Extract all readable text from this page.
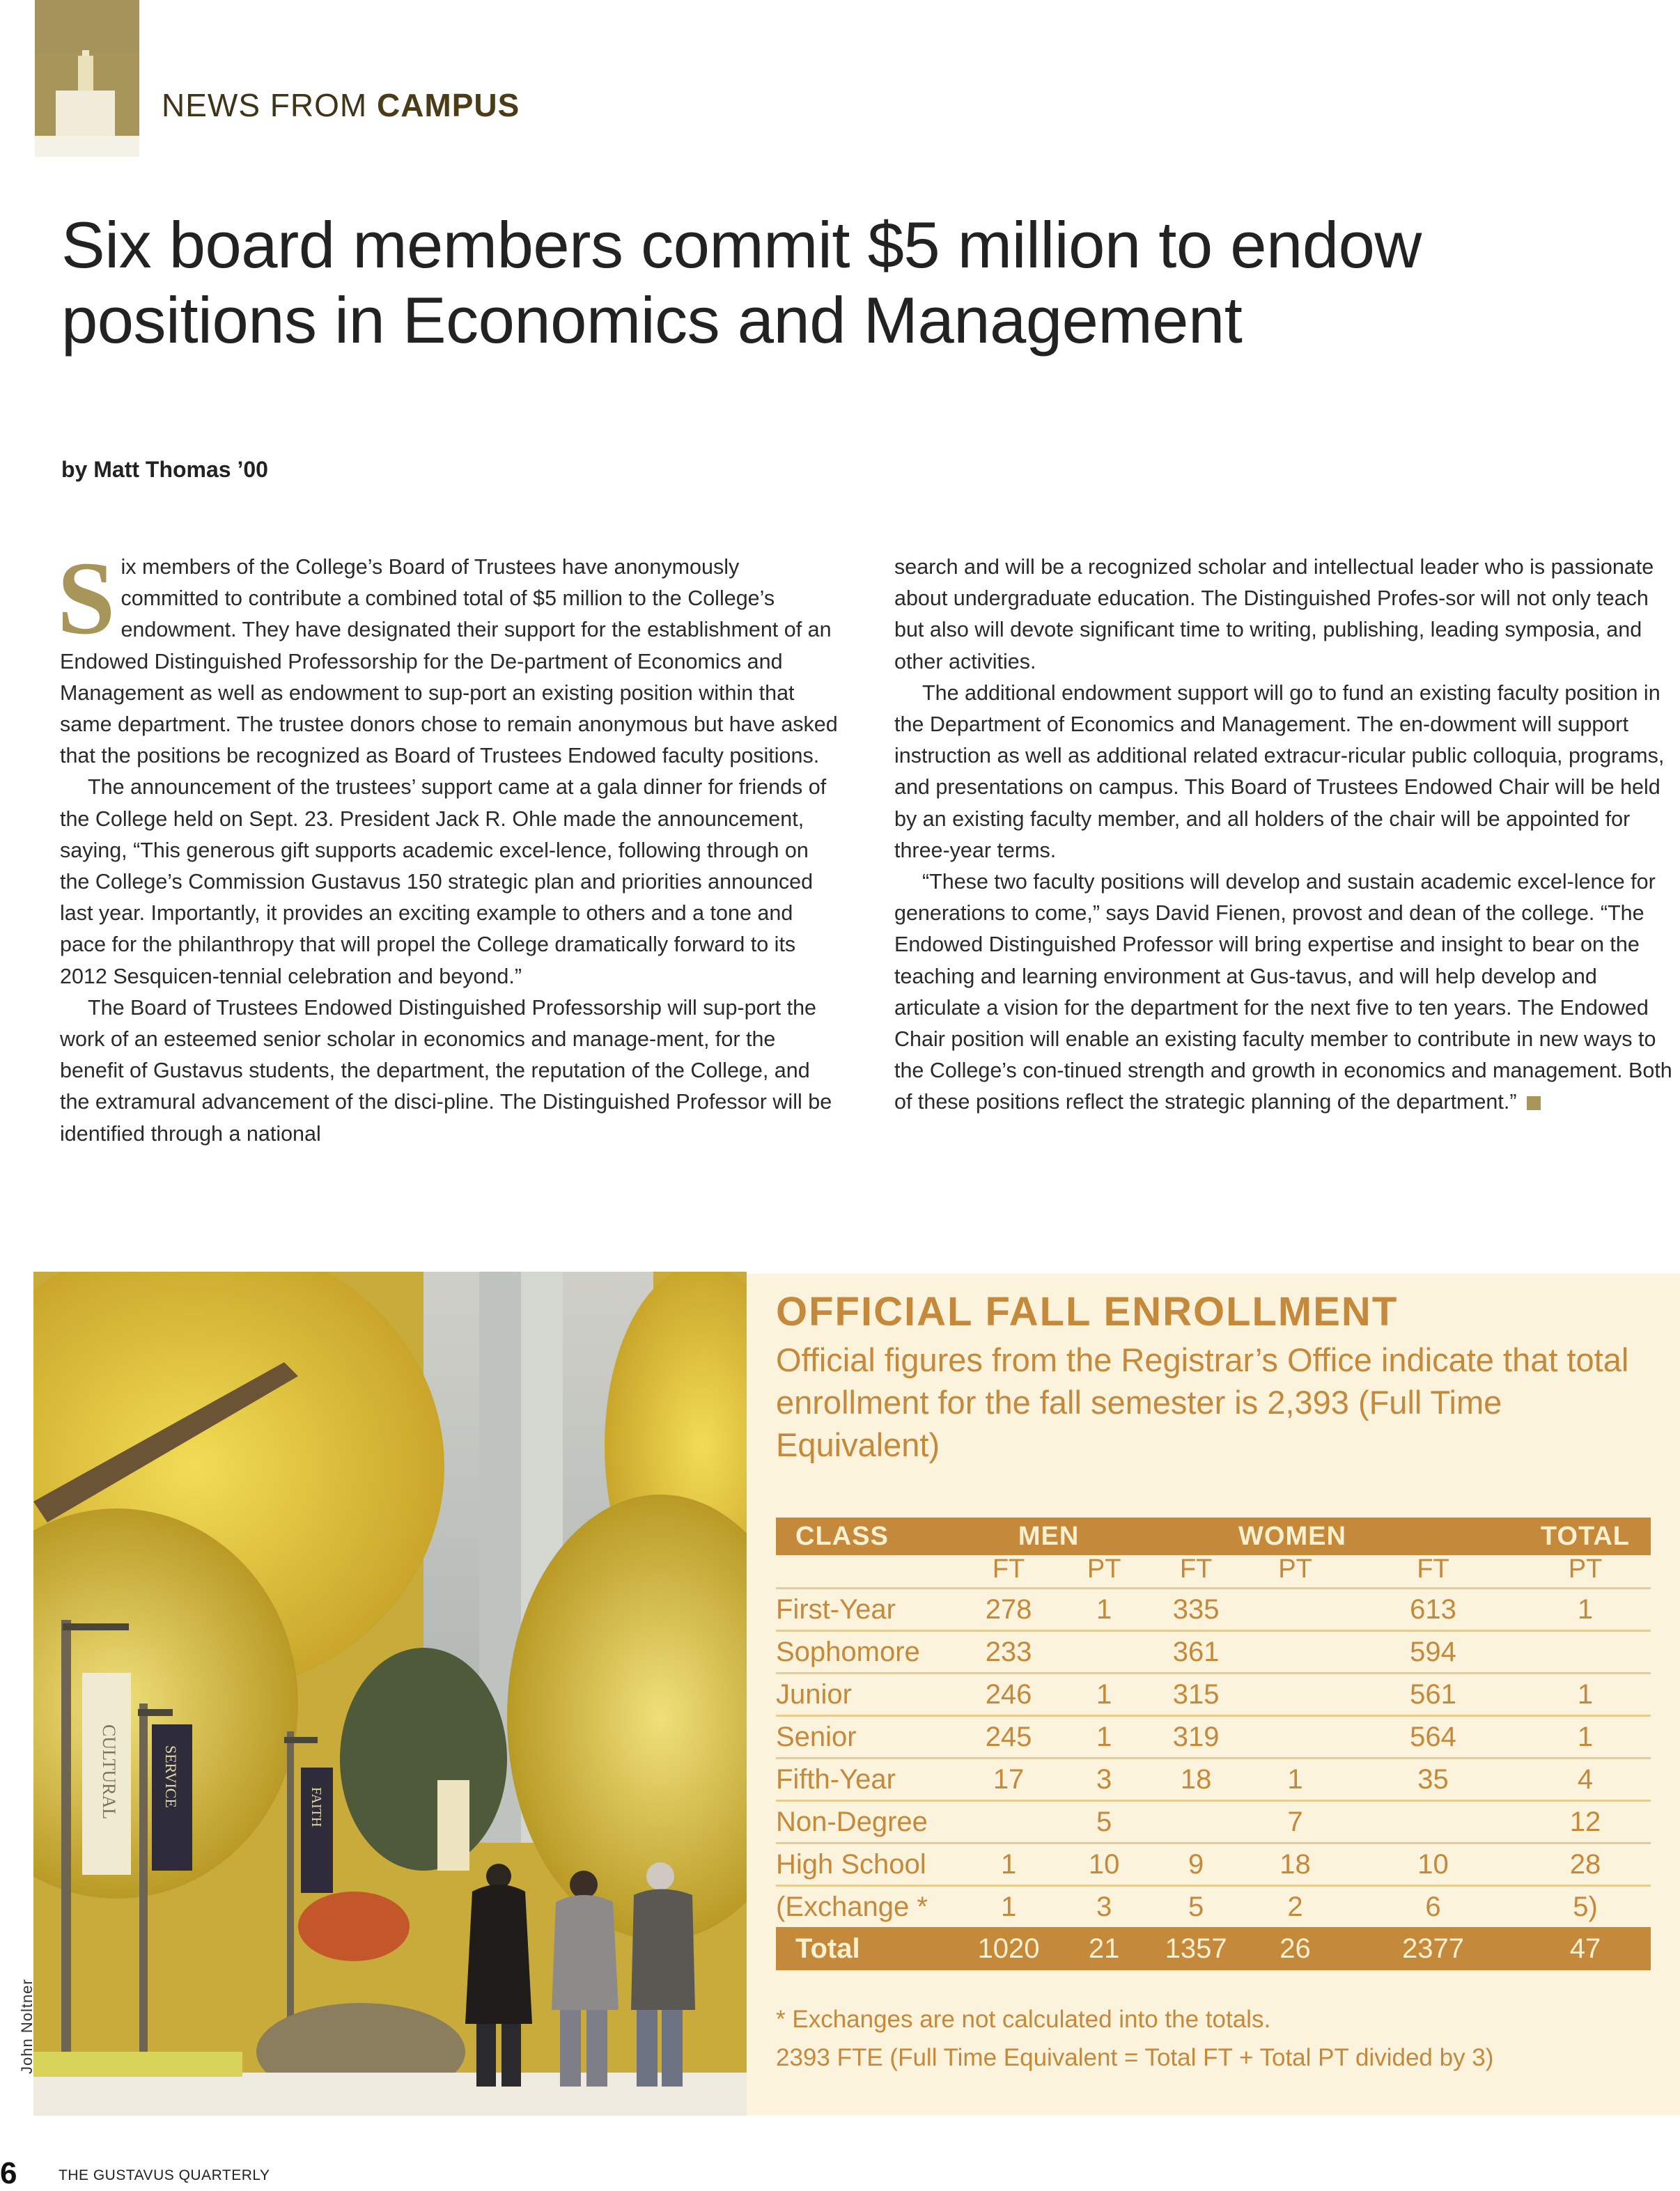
NEWS FROM CAMPUS
Six board members commit $5 million to endow
positions in Economics and Management
by Matt Thomas ’00

Six members of the College’s Board of Trustees have anonymously committed to contribute a combined total of $5 million to the College’s endowment. They have designated their support for the establishment of an Endowed Distinguished Professorship for the De-partment of Economics and Management as well as endowment to sup-port an existing position within that same department. The trustee donors chose to remain anonymous but have asked that the positions be recognized as Board of Trustees Endowed faculty positions.

The announcement of the trustees’ support came at a gala dinner for friends of the College held on Sept. 23. President Jack R. Ohle made the announcement, saying, “This generous gift supports academic excel-lence, following through on the College’s Commission Gustavus 150 strategic plan and priorities announced last year. Importantly, it provides an exciting example to others and a tone and pace for the philanthropy that will propel the College dramatically forward to its 2012 Sesquicen-tennial celebration and beyond.”

The Board of Trustees Endowed Distinguished Professorship will sup-port the work of an esteemed senior scholar in economics and manage-ment, for the benefit of Gustavus students, the department, the reputation of the College, and the extramural advancement of the disci-pline. The Distinguished Professor will be identified through a national

search and will be a recognized scholar and intellectual leader who is passionate about undergraduate education. The Distinguished Profes-sor will not only teach but also will devote significant time to writing, publishing, leading symposia, and other activities.

The additional endowment support will go to fund an existing faculty position in the Department of Economics and Management. The en-dowment will support instruction as well as additional related extracur-ricular public colloquia, programs, and presentations on campus. This Board of Trustees Endowed Chair will be held by an existing faculty member, and all holders of the chair will be appointed for three-year terms.

“These two faculty positions will develop and sustain academic excel-lence for generations to come,” says David Fienen, provost and dean of the college. “The Endowed Distinguished Professor will bring expertise and insight to bear on the teaching and learning environment at Gus-tavus, and will help develop and articulate a vision for the department for the next five to ten years. The Endowed Chair position will enable an existing faculty member to contribute in new ways to the College’s con-tinued strength and growth in economics and management. Both of these positions reflect the strategic planning of the department.”

CULTURAL	SERVICE	FAITH
John Noltner
OFFICIAL FALL ENROLLMENT
Official figures from the Registrar’s Office indicate that total enrollment for the fall semester is 2,393 (Full Time Equivalent)
CLASS	MEN		WOMEN		TOTAL	
	FT	PT	FT	PT	FT	PT
First-Year	278	1	335		613	1
Sophomore	233		361		594	
Junior	246	1	315		561	1
Senior	245	1	319		564	1
Fifth-Year	17	3	18	1	35	4
Non-Degree		5		7		12
High School	1	10	9	18	10	28
(Exchange *	1	3	5	2	6	5)
Total	1020	21	1357	26	2377	47
* Exchanges are not calculated into the totals.
2393 FTE (Full Time Equivalent = Total FT + Total PT divided by 3)
6	THE GUSTAVUS QUARTERLY
